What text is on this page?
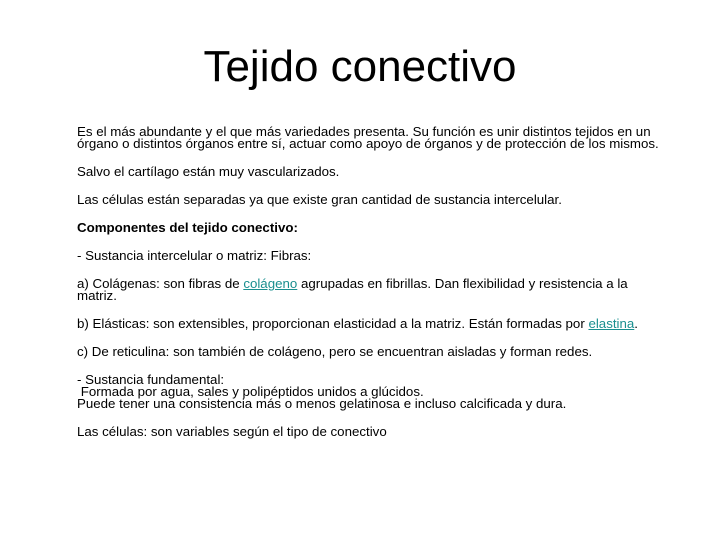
Tejido conectivo

Es el más abundante y el que más variedades presenta. Su función es unir distintos tejidos en un órgano o distintos órganos entre sí, actuar como apoyo de órganos y de protección de los mismos.

Salvo el cartílago están muy vascularizados.

Las células están separadas ya que existe gran cantidad de sustancia intercelular.

Componentes del tejido conectivo:

- Sustancia intercelular o matriz: Fibras:

a) Colágenas: son fibras de colágeno agrupadas en fibrillas. Dan flexibilidad y resistencia a la matriz.

b) Elásticas: son extensibles, proporcionan elasticidad a la matriz. Están formadas por elastina.

c) De reticulina: son también de colágeno, pero se encuentran aisladas y forman redes.

- Sustancia fundamental:
Formada por agua, sales y polipéptidos unidos a glúcidos.
Puede tener una consistencia más o menos gelatinosa e incluso calcificada y dura.

Las células: son variables según el tipo de conectivo
